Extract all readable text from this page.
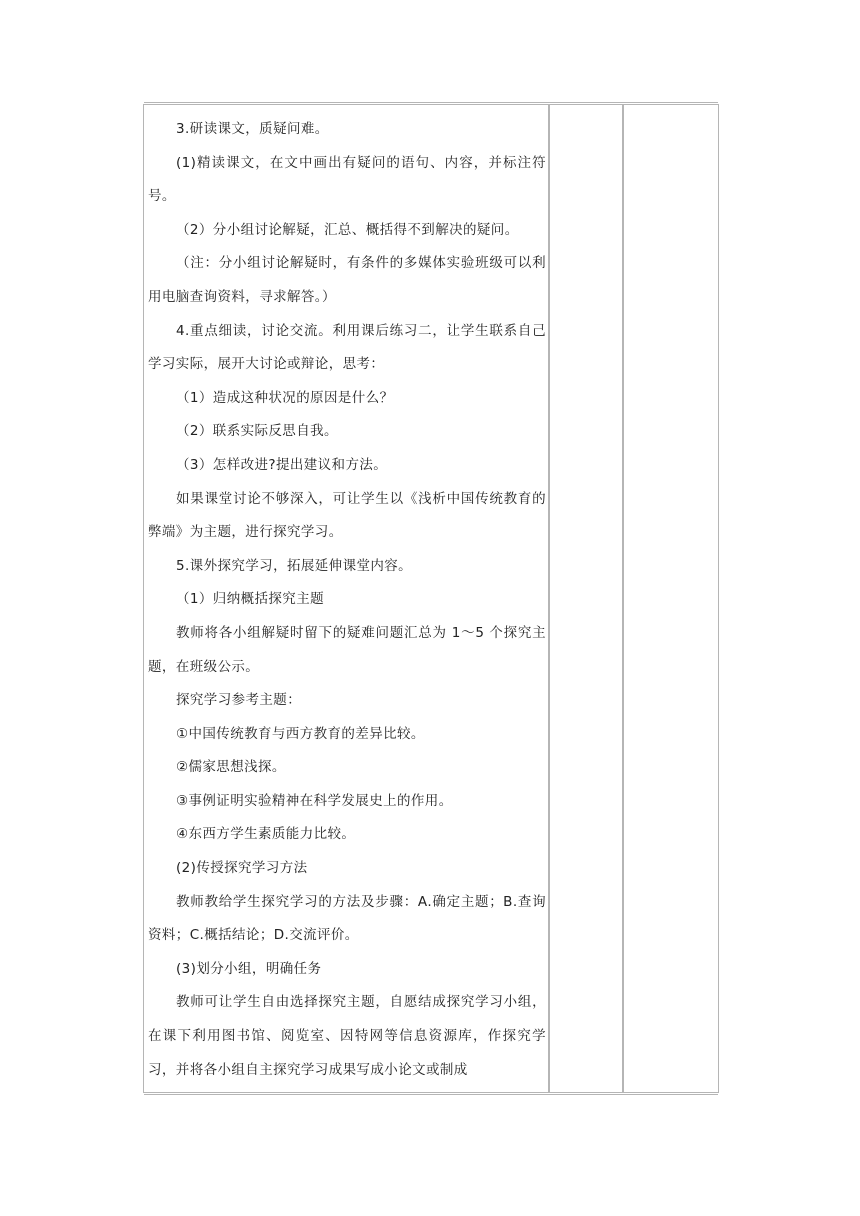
3.研读课文，质疑问难。

(1)精读课文，在文中画出有疑问的语句、内容，并标注符号。

（2）分小组讨论解疑，汇总、概括得不到解决的疑问。

（注：分小组讨论解疑时，有条件的多媒体实验班级可以利用电脑查询资料，寻求解答。）

4.重点细读，讨论交流。利用课后练习二，让学生联系自己学习实际，展开大讨论或辩论，思考：

（1）造成这种状况的原因是什么？

（2）联系实际反思自我。

（3）怎样改进?提出建议和方法。

如果课堂讨论不够深入，可让学生以《浅析中国传统教育的弊端》为主题，进行探究学习。

5.课外探究学习，拓展延伸课堂内容。

（1）归纳概括探究主题

教师将各小组解疑时留下的疑难问题汇总为 1～5 个探究主题，在班级公示。

探究学习参考主题：

①中国传统教育与西方教育的差异比较。

②儒家思想浅探。

③事例证明实验精神在科学发展史上的作用。

④东西方学生素质能力比较。

(2)传授探究学习方法

教师教给学生探究学习的方法及步骤：A.确定主题；B.查询资料；C.概括结论；D.交流评价。

(3)划分小组，明确任务

教师可让学生自由选择探究主题，自愿结成探究学习小组，在课下利用图书馆、阅览室、因特网等信息资源库，作探究学习，并将各小组自主探究学习成果写成小论文或制成
